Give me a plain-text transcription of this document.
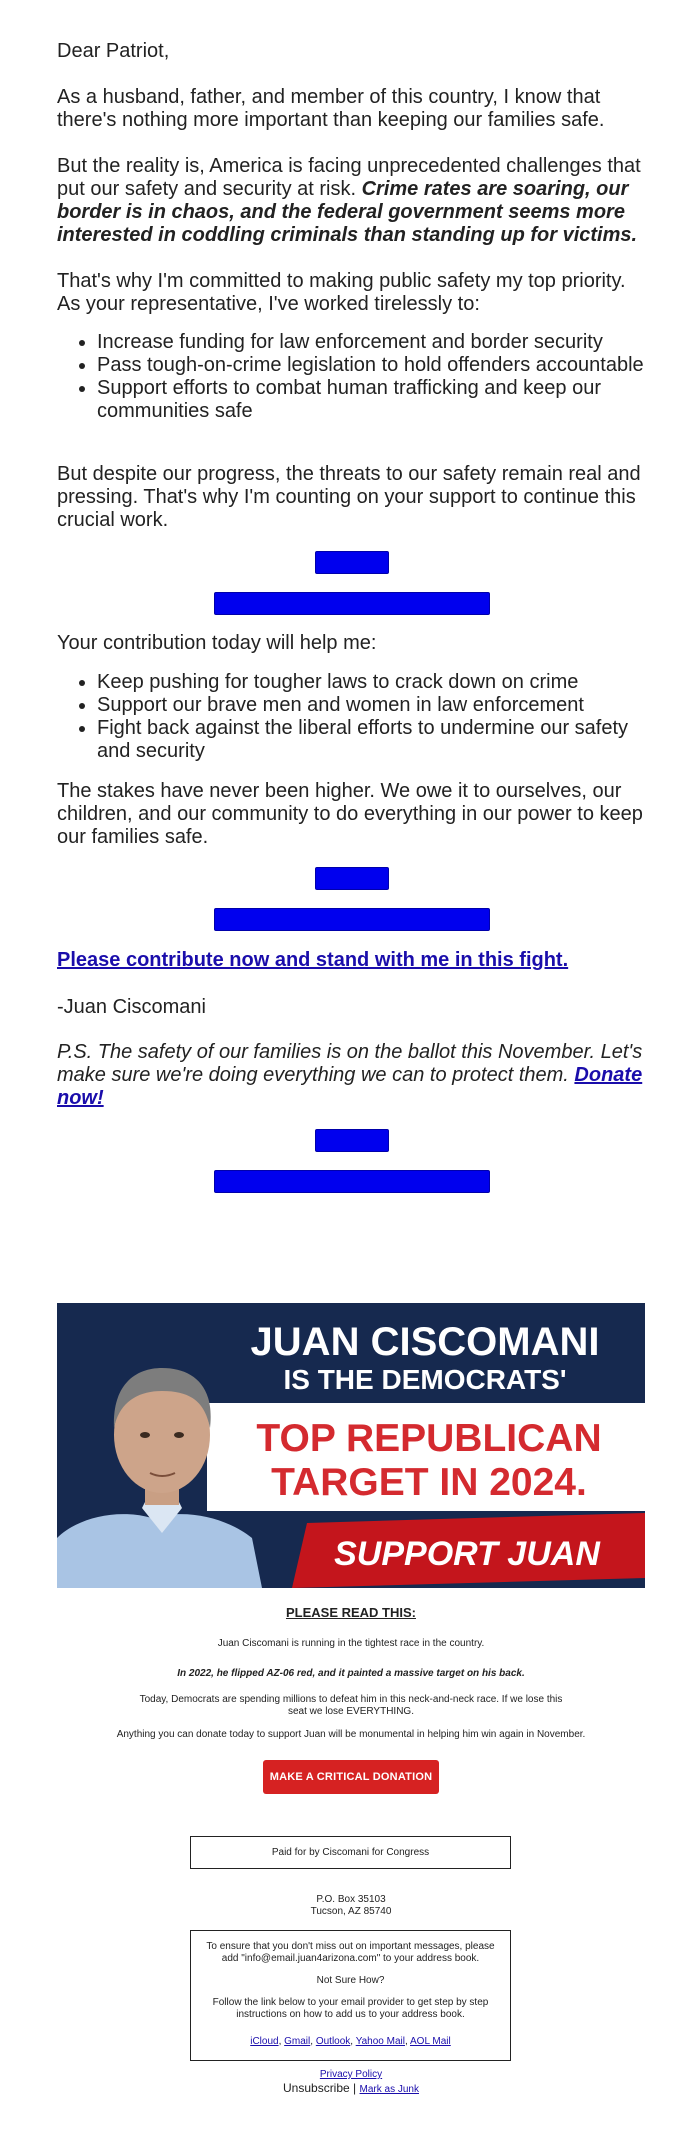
Dear Patriot,

As a husband, father, and member of this country, I know that there's nothing more important than keeping our families safe.

But the reality is, America is facing unprecedented challenges that put our safety and security at risk. Crime rates are soaring, our border is in chaos, and the federal government seems more interested in coddling criminals than standing up for victims.

That's why I'm committed to making public safety my top priority. As your representative, I've worked tirelessly to:

• Increase funding for law enforcement and border security
• Pass tough-on-crime legislation to hold offenders accountable
• Support efforts to combat human trafficking and keep our communities safe

But despite our progress, the threats to our safety remain real and pressing. That's why I'm counting on your support to continue this crucial work.

Your contribution today will help me:

• Keep pushing for tougher laws to crack down on crime
• Support our brave men and women in law enforcement
• Fight back against the liberal efforts to undermine our safety and security

The stakes have never been higher. We owe it to ourselves, our children, and our community to do everything in our power to keep our families safe.

Please contribute now and stand with me in this fight.

-Juan Ciscomani

P.S. The safety of our families is on the ballot this November. Let's make sure we're doing everything we can to protect them. Donate now!

JUAN CISCOMANI
IS THE DEMOCRATS'
TOP REPUBLICAN
TARGET IN 2024.
SUPPORT JUAN

PLEASE READ THIS:

Juan Ciscomani is running in the tightest race in the country.

In 2022, he flipped AZ-06 red, and it painted a massive target on his back.

Today, Democrats are spending millions to defeat him in this neck-and-neck race. If we lose this seat we lose EVERYTHING.

Anything you can donate today to support Juan will be monumental in helping him win again in November.

MAKE A CRITICAL DONATION

Paid for by Ciscomani for Congress

P.O. Box 35103

Tucson, AZ 85740

To ensure that you don't miss out on important messages, please add "info@email.juan4arizona.com" to your address book.

Not Sure How?

Follow the link below to your email provider to get step by step instructions on how to add us to your address book.

iCloud, Gmail, Outlook, Yahoo Mail, AOL Mail

Privacy Policy

Unsubscribe | Mark as Junk
